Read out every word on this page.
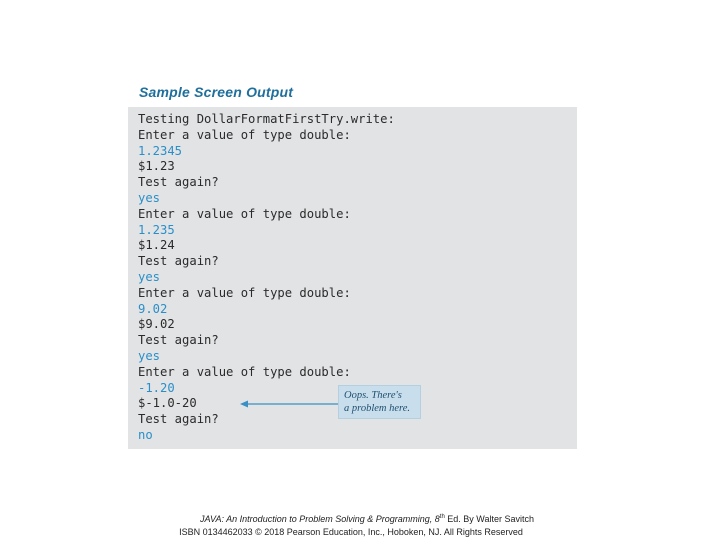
Sample Screen Output
Testing DollarFormatFirstTry.write:
Enter a value of type double:
1.2345
$1.23
Test again?
yes
Enter a value of type double:
1.235
$1.24
Test again?
yes
Enter a value of type double:
9.02
$9.02
Test again?
yes
Enter a value of type double:
-1.20
$-1.0-20
Test again?
no
Oops. There's
a problem here.
JAVA: An Introduction to Problem Solving & Programming, 8th Ed. By Walter Savitch
ISBN 0134462033 © 2018 Pearson Education, Inc., Hoboken, NJ. All Rights Reserved
